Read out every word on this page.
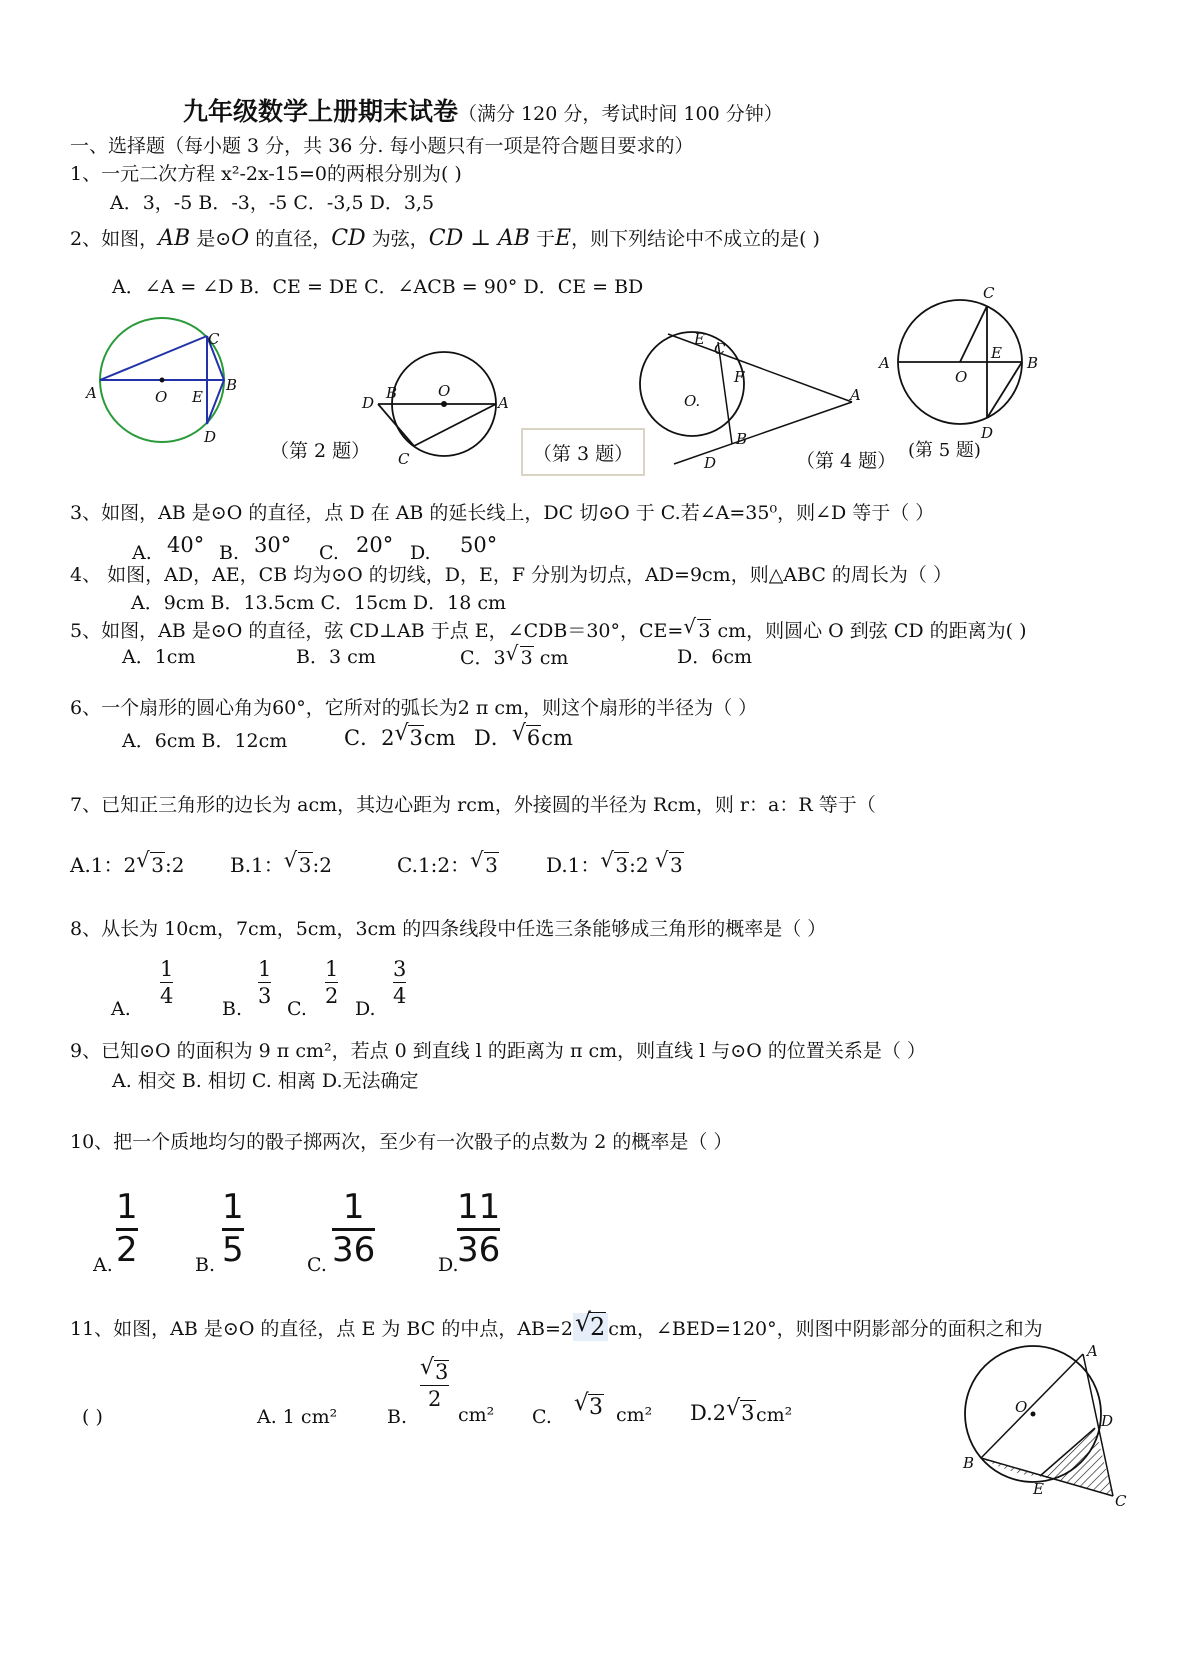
九年级数学上册期末试卷（满分 120 分，考试时间 100 分钟）
一、选择题（每小题 3 分，共 36 分. 每小题只有一项是符合题目要求的）
1、一元二次方程 x²-2x-15=0的两根分别为( )
A．3，-5 B．-3，-5 C．-3,5 D．3,5
2、如图，AB 是⊙O 的直径，CD 为弦，CD ⊥ AB 于E，则下列结论中不成立的是( )
A．∠A = ∠D B．CE = DE C．∠ACB = 90° D．CE = BD
A	O E
C
B
D
（第 2 题）
D
B	O
A
C	（第 3 题）
E
C
F
O.	A
B
D	（第 4 题）
C
A
O
E
B
D
(第 5 题)
3、如图，AB 是⊙O 的直径，点 D 在 AB 的延长线上，DC 切⊙O 于 C.若∠A=35⁰，则∠D 等于（ ）
A. 40° B. 30° C. 20° D. 50°
4、 如图，AD，AE，CB 均为⊙O 的切线，D，E，F 分别为切点，AD=9cm，则△ABC 的周长为（ ）
A．9cm B．13.5cm C．15cm D．18 cm
5、如图，AB 是⊙O 的直径，弦 CD⊥AB 于点 E，∠CDB＝30°，CE= √ 3 cm，则圆心 O 到弦 CD 的距离为( )
A．1cm	B．3 cm	C．3 √ 3 cm	D．6cm
6、一个扇形的圆心角为60°，它所对的弧长为2 π cm，则这个扇形的半径为（ ）
A．6cm B．12cm	C．2 √ 3cm D． √ 6cm
7、已知正三角形的边长为 acm，其边心距为 rcm，外接圆的半径为 Rcm，则 r：a：R 等于（
A.1：2 √ 3:2 B.1： √ 3:2	C.1:2： √ 3 D.1： √ 3:2 √ 3
8、从长为 10cm，7cm，5cm，3cm 的四条线段中任选三条能够成三角形的概率是（ ）
A.
1
4
B.
1
3
C.
1
2
D.
3
4
9、已知⊙O 的面积为 9 π cm²，若点 0 到直线 l 的距离为 π cm，则直线 l 与⊙O 的位置关系是（ ）
A. 相交 B. 相切 C. 相离 D.无法确定
10、把一个质地均匀的骰子掷两次，至少有一次骰子的点数为 2 的概率是（ ）
A.
1
2	B.
1
5	C.
1
36	D.
11
36
11、如图，AB 是⊙O 的直径，点 E 为 BC 的中点，AB=2 √ 2 cm，∠BED=120°，则图中阴影部分的面积之和为
( )	A. 1 cm²	B.
√ 3
2
cm² C.	√ 3 cm² D.2 √ 3 cm²
A
O
D
B
E
C
